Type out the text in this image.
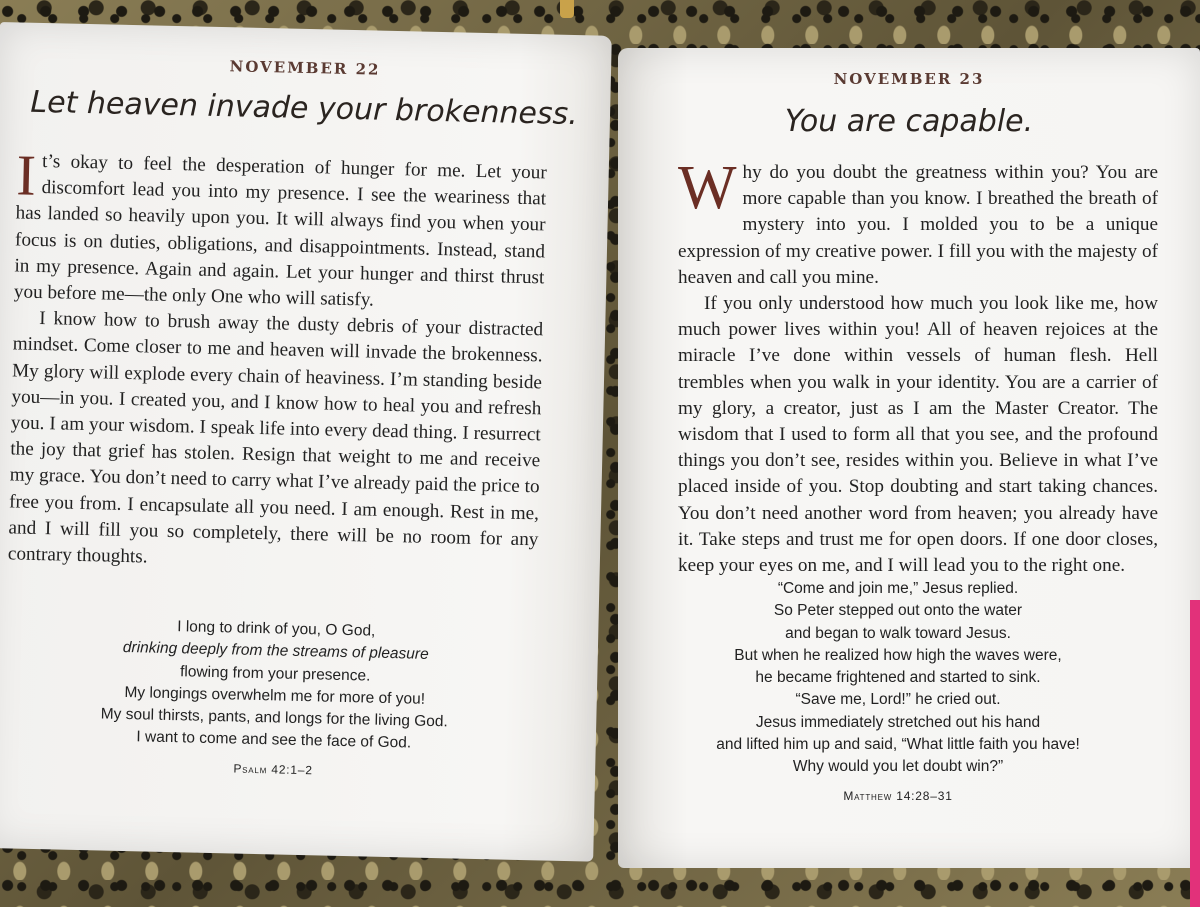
NOVEMBER 22
Let heaven invade your brokenness.

It’s okay to feel the desperation of hunger for me. Let your discomfort lead you into my presence. I see the weariness that has landed so heavily upon you. It will always find you when your focus is on duties, obligations, and disappointments. Instead, stand in my presence. Again and again. Let your hunger and thirst thrust you before me—the only One who will satisfy.

I know how to brush away the dusty debris of your distracted mindset. Come closer to me and heaven will invade the brokenness. My glory will explode every chain of heaviness. I’m standing beside you—in you. I created you, and I know how to heal you and refresh you. I am your wisdom. I speak life into every dead thing. I resurrect the joy that grief has stolen. Resign that weight to me and receive my grace. You don’t need to carry what I’ve already paid the price to free you from. I encapsulate all you need. I am enough. Rest in me, and I will fill you so completely, there will be no room for any contrary thoughts.

I long to drink of you, O God,
drinking deeply from the streams of pleasure
flowing from your presence.
My longings overwhelm me for more of you!
My soul thirsts, pants, and longs for the living God.
I want to come and see the face of God.
Psalm 42:1–2
NOVEMBER 23
You are capable.

Why do you doubt the greatness within you? You are more capable than you know. I breathed the breath of mystery into you. I molded you to be a unique expression of my creative power. I fill you with the majesty of heaven and call you mine.

If you only understood how much you look like me, how much power lives within you! All of heaven rejoices at the miracle I’ve done within vessels of human flesh. Hell trembles when you walk in your identity. You are a carrier of my glory, a creator, just as I am the Master Creator. The wisdom that I used to form all that you see, and the profound things you don’t see, resides within you. Believe in what I’ve placed inside of you. Stop doubting and start taking chances. You don’t need another word from heaven; you already have it. Take steps and trust me for open doors. If one door closes, keep your eyes on me, and I will lead you to the right one.

“Come and join me,” Jesus replied.
So Peter stepped out onto the water
and began to walk toward Jesus.
But when he realized how high the waves were,
he became frightened and started to sink.
“Save me, Lord!” he cried out.
Jesus immediately stretched out his hand
and lifted him up and said, “What little faith you have!
Why would you let doubt win?”
Matthew 14:28–31
